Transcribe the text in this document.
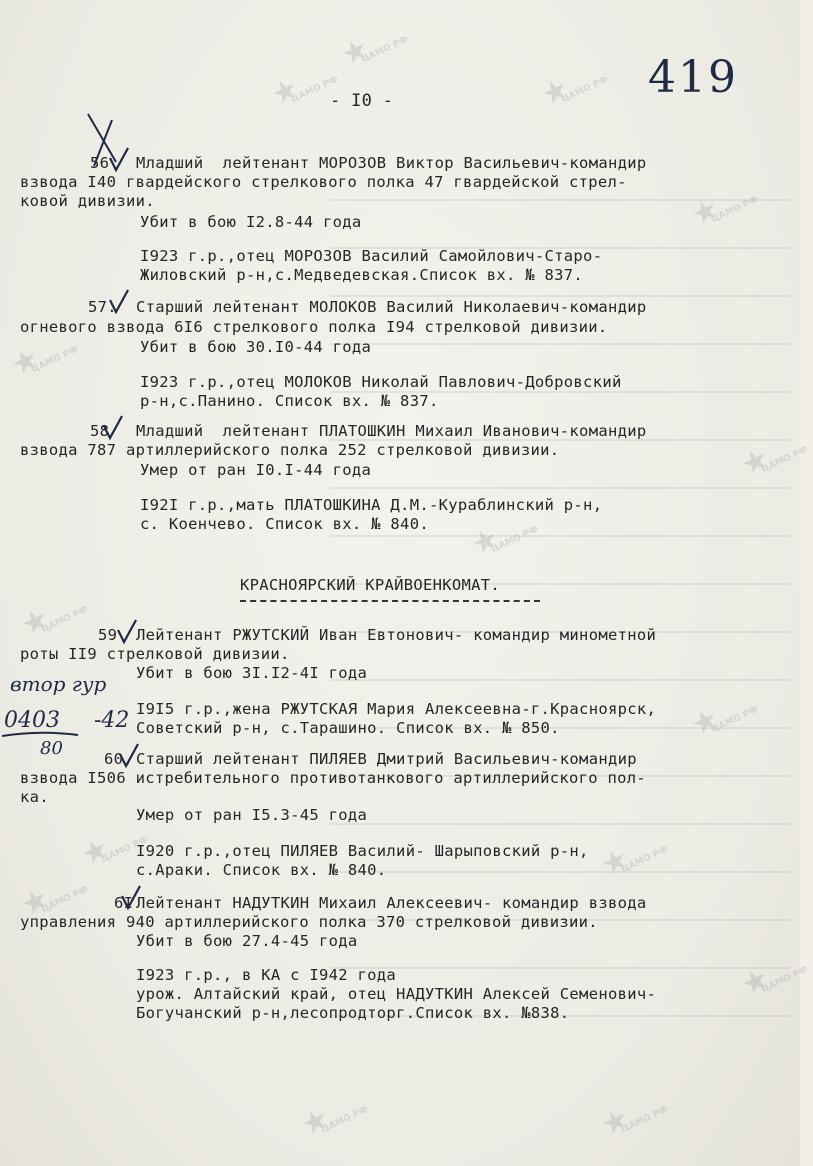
★
ЦАМО РФ
★
ЦАМО РФ
★
ЦАМО РФ
★
ЦАМО РФ
★
ЦАМО РФ
★
ЦАМО РФ
★
ЦАМО РФ
★
ЦАМО РФ
★
ЦАМО РФ
★
ЦАМО РФ	★
ЦАМО РФ
★
ЦАМО РФ
★
ЦАМО РФ
★
ЦАМО РФ	★
ЦАМО РФ
419
- I0 -
56 Младший  лейтенант МОРОЗОВ Виктор Васильевич-командир
взвода I40 гвардейского стрелкового полка 47 гвардейской стрел-
ковой дивизии.
Убит в бою I2.8-44 года
I923 г.р.,отец МОРОЗОВ Василий Самойлович-Старо-
Жиловский р-н,с.Медведевская.Список вх. № 837.
57. Старший лейтенант МОЛОКОВ Василий Николаевич-командир
огневого взвода 6I6 стрелкового полка I94 стрелковой дивизии.
Убит в бою 30.I0-44 года
I923 г.р.,отец МОЛОКОВ Николай Павлович-Добровский
р-н,с.Панино. Список вх. № 837.
58 Младший  лейтенант ПЛАТОШКИН Михаил Иванович-командир
взвода 787 артиллерийского полка 252 стрелковой дивизии.
Умер от ран I0.I-44 года
I92I г.р.,мать ПЛАТОШКИНА Д.М.-Кураблинский р-н,
с. Коенчево. Список вх. № 840.
КРАСНОЯРСКИЙ КРАЙВОЕНКОМАТ.
59 Лейтенант РЖУТСКИЙ Иван Евтонович- командир минометной
роты II9 стрелковой дивизии.
Убит в бою 3I.I2-4I года
I9I5 г.р.,жена РЖУТСКАЯ Мария Алексеевна-г.Красноярск,
Советский р-н, с.Тарашино. Список вх. № 850.
60. Старший лейтенант ПИЛЯЕВ Дмитрий Васильевич-командир
взвода I506 истребительного противотанкового артиллерийского пол-
ка.
Умер от ран I5.3-45 года
I920 г.р.,отец ПИЛЯЕВ Василий- Шарыповский р-н,
с.Араки. Список вх. № 840.
6I Лейтенант НАДУТКИН Михаил Алексеевич- командир взвода
управления 940 артиллерийского полка 370 стрелковой дивизии.
Убит в бою 27.4-45 года
I923 г.р., в КА с I942 года
урож. Алтайский край, отец НАДУТКИН Алексей Семенович-
Богучанский р-н,лесопродторг.Список вх. №838.
втор гур
0403 -42
80
